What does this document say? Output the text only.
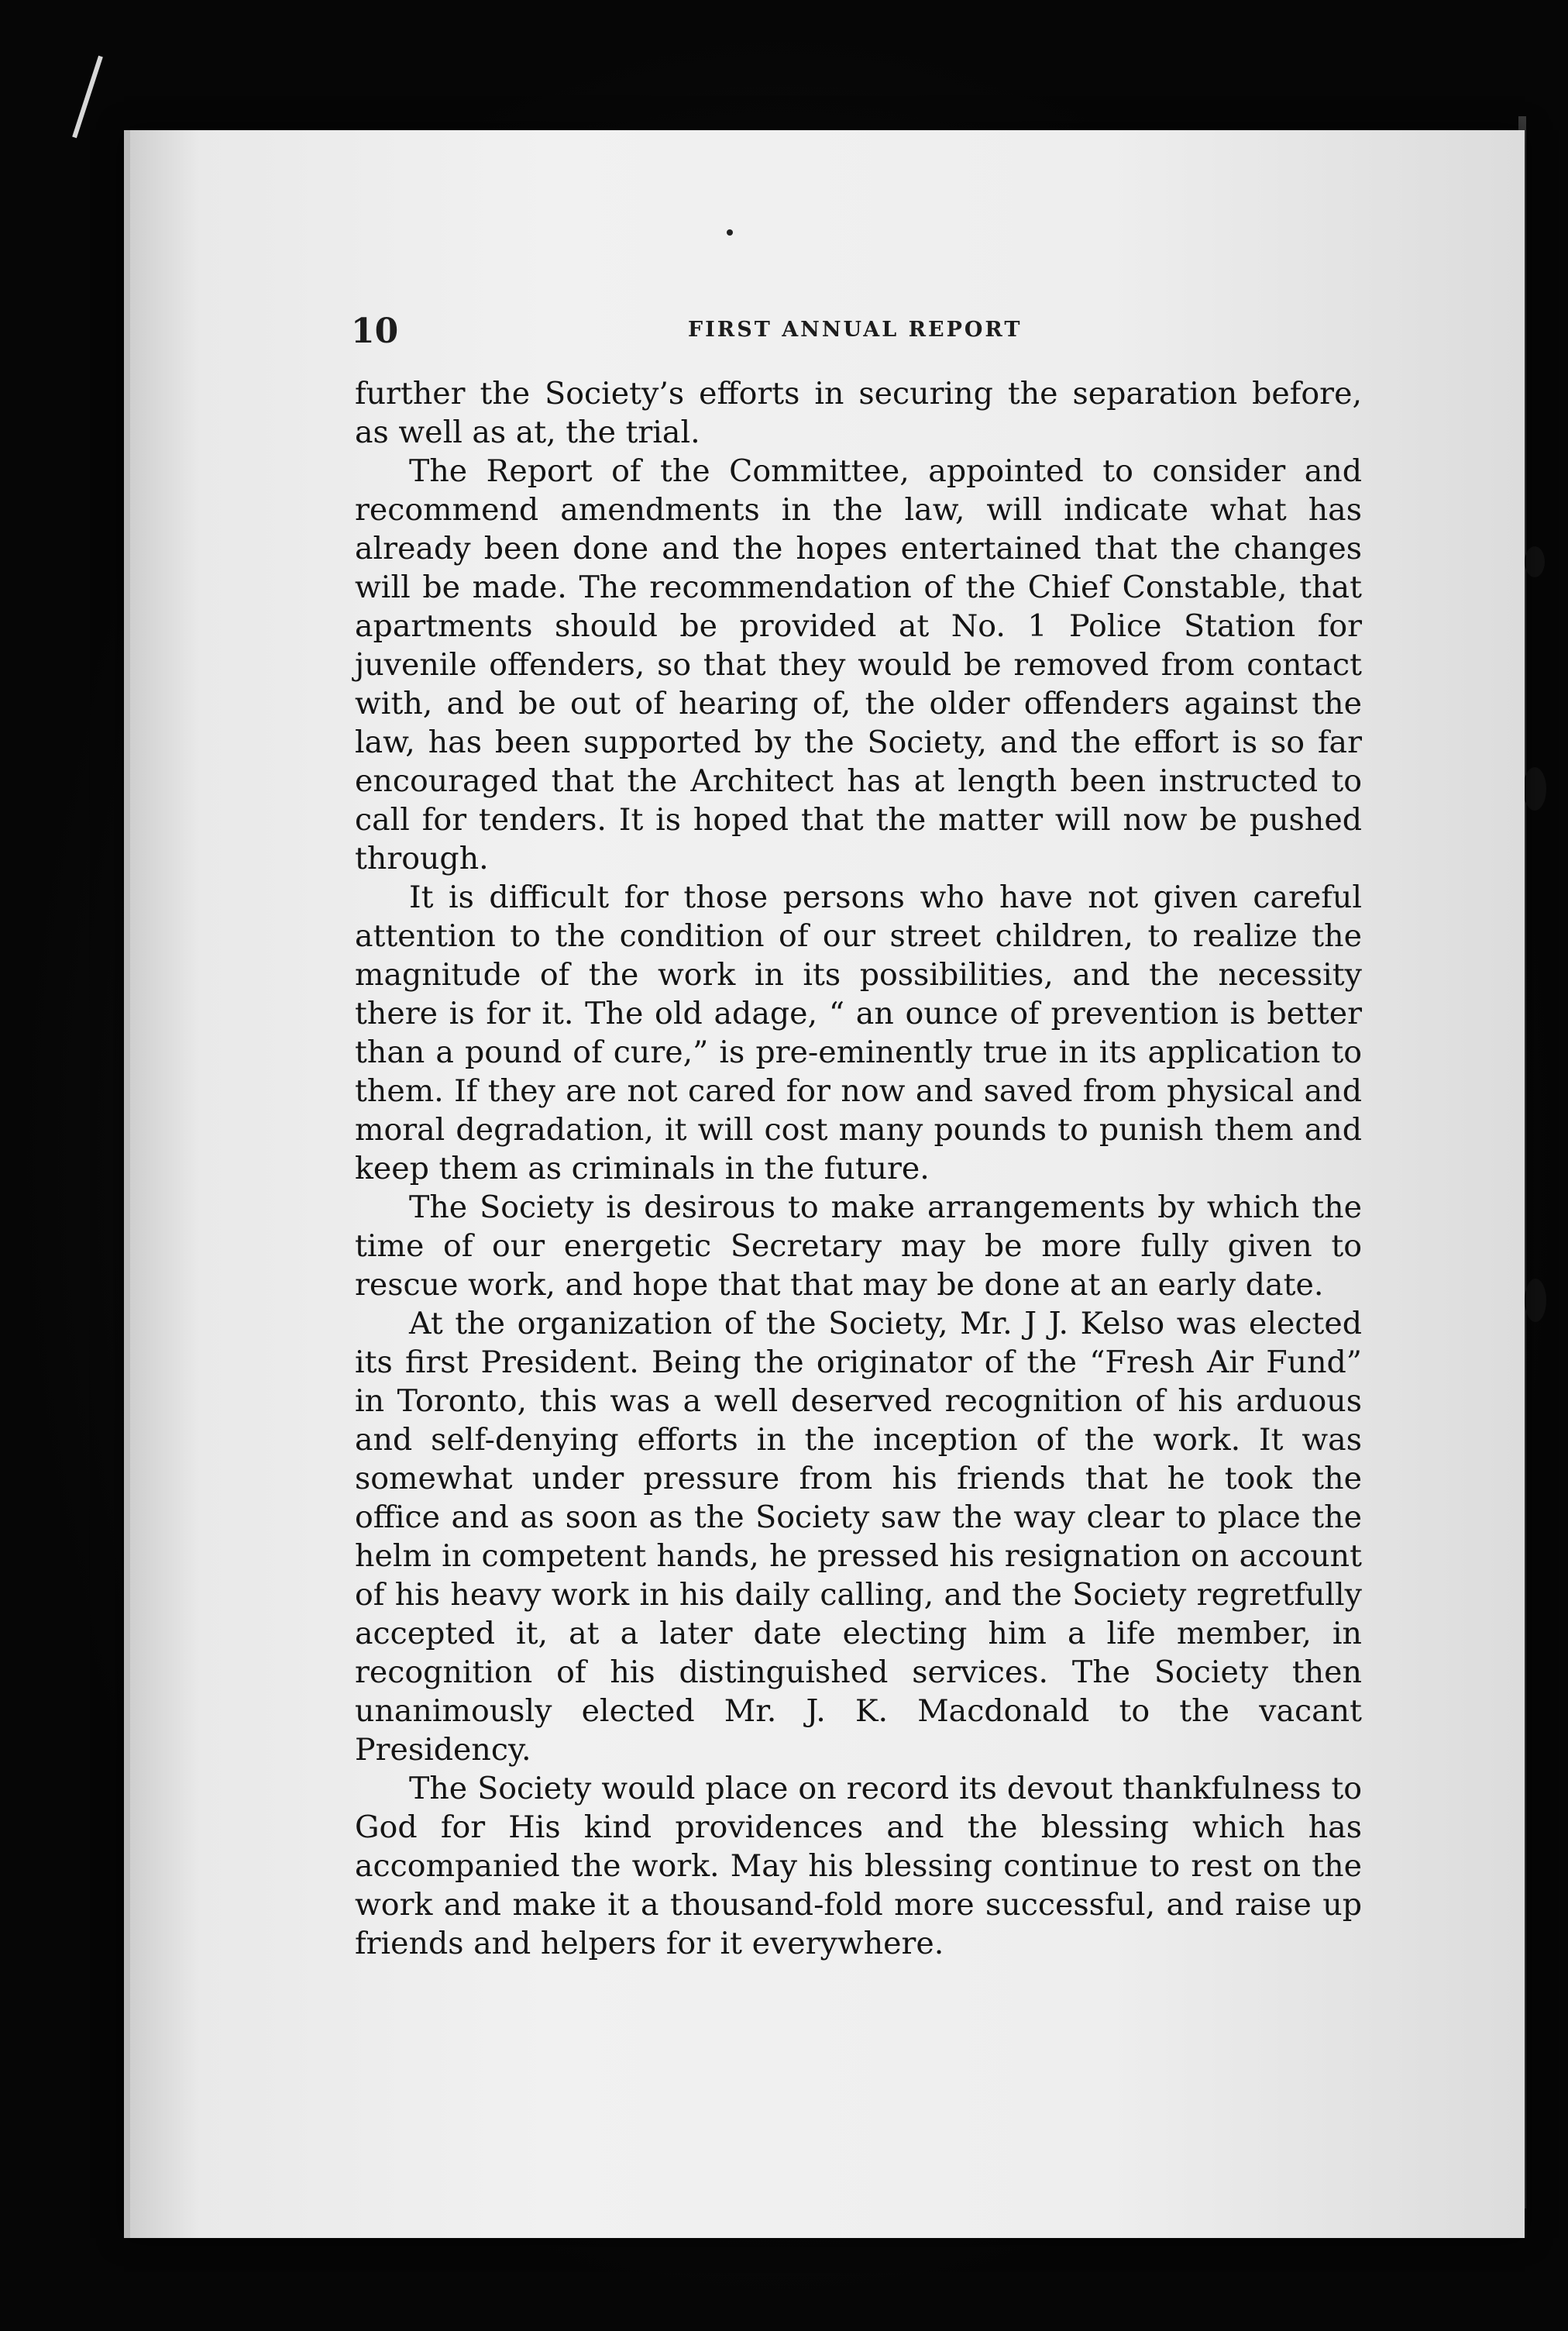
10	FIRST ANNUAL REPORT

further the Society’s efforts in securing the separation before, as well as at, the trial.

The Report of the Committee, appointed to consider and recommend amendments in the law, will indicate what has already been done and the hopes entertained that the changes will be made. The recommendation of the Chief Constable, that apartments should be provided at No. 1 Police Station for juvenile offenders, so that they would be removed from contact with, and be out of hearing of, the older offenders against the law, has been supported by the Society, and the effort is so far encouraged that the Architect has at length been instructed to call for tenders. It is hoped that the matter will now be pushed through.

It is difficult for those persons who have not given careful attention to the condition of our street children, to realize the magnitude of the work in its possibilities, and the necessity there is for it. The old adage, “ an ounce of prevention is better than a pound of cure,” is pre-eminently true in its application to them. If they are not cared for now and saved from physical and moral degradation, it will cost many pounds to punish them and keep them as criminals in the future.

The Society is desirous to make arrangements by which the time of our energetic Secretary may be more fully given to rescue work, and hope that that may be done at an early date.

At the organization of the Society, Mr. J J. Kelso was elected its first President. Being the originator of the “Fresh Air Fund” in Toronto, this was a well deserved recognition of his arduous and self-denying efforts in the inception of the work. It was somewhat under pressure from his friends that he took the office and as soon as the Society saw the way clear to place the helm in competent hands, he pressed his resignation on account of his heavy work in his daily calling, and the Society regretfully accepted it, at a later date electing him a life member, in recognition of his distinguished services. The Society then unanimously elected Mr. J. K. Macdonald to the vacant Presidency.

The Society would place on record its devout thankfulness to God for His kind providences and the blessing which has accompanied the work. May his blessing continue to rest on the work and make it a thousand-fold more successful, and raise up friends and helpers for it everywhere.
